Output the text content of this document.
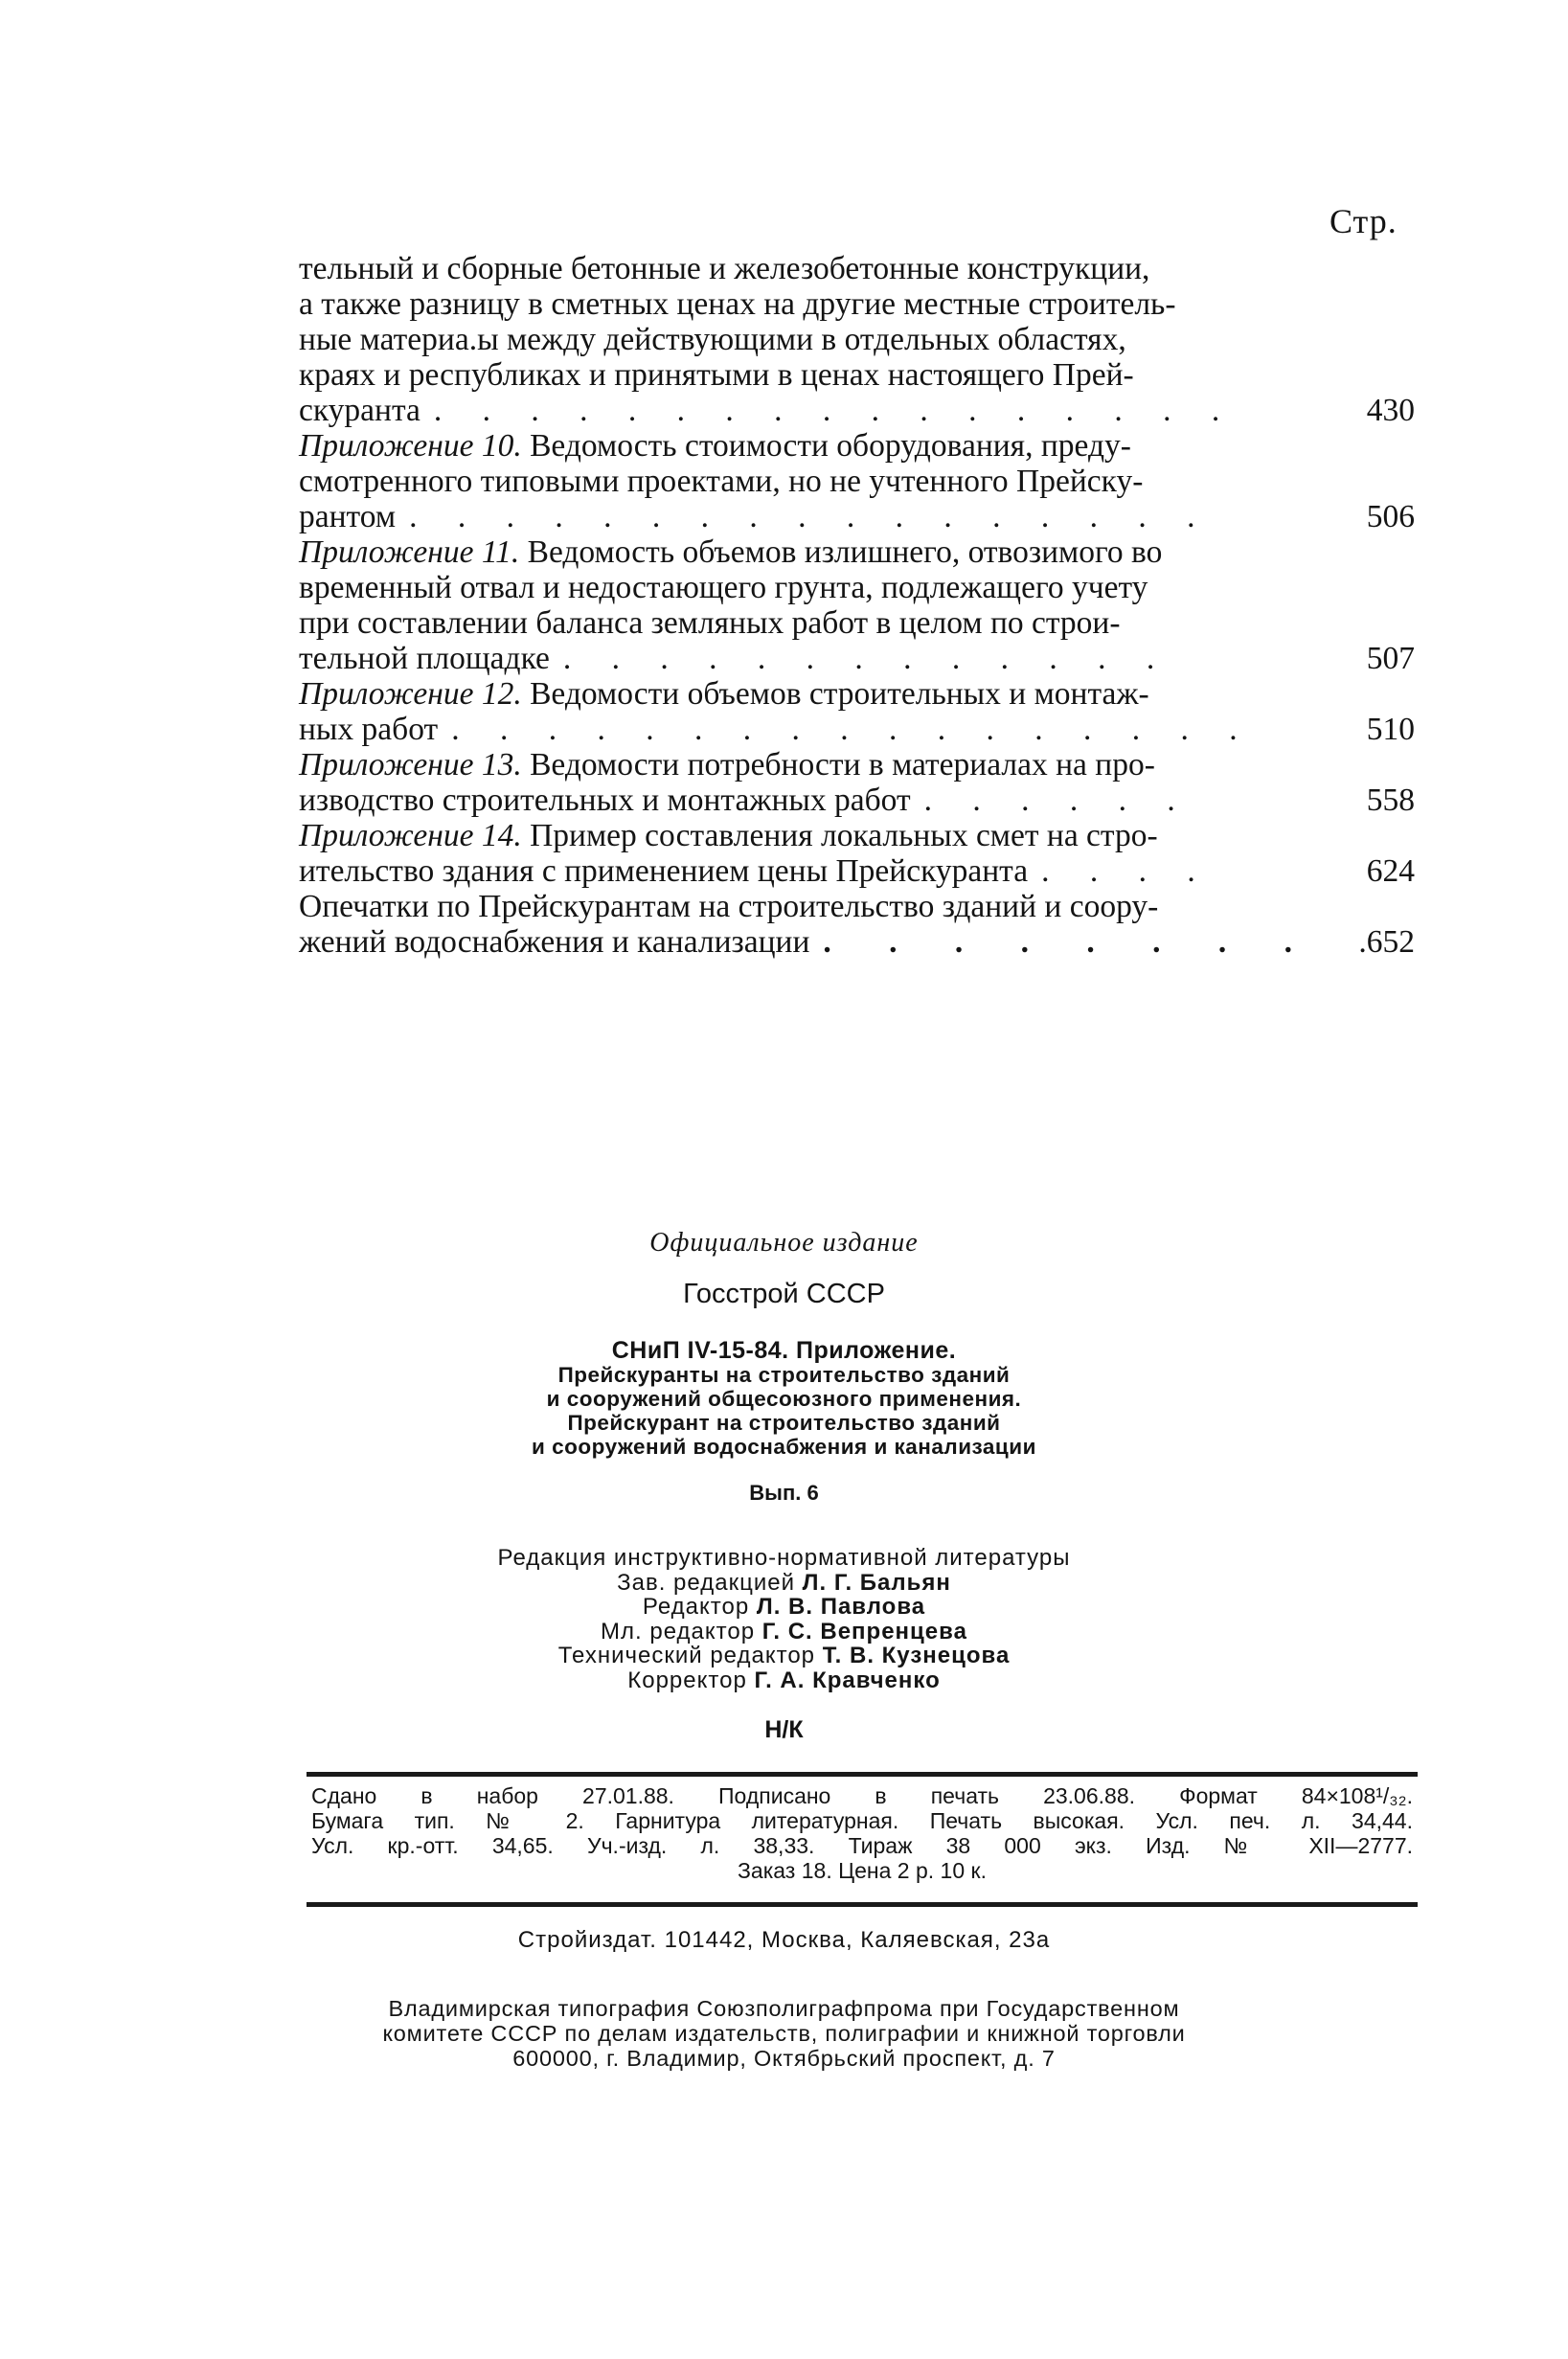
Стр.
тельный и сборные бетонные и железобетонные конструкции,
а также разницу в сметных ценах на другие местные строитель-
ные материа.ы между действующими в отдельных областях,
краях и республиках и принятыми в ценах настоящего Прей-
скуранта . . . . . . . . . . . . . . . . .	430
Приложение 10. Ведомость стоимости оборудования, преду-
смотренного типовыми проектами, но не учтенного Прейску-
рантом . . . . . . . . . . . . . . . . .	506
Приложение 11. Ведомость объемов излишнего, отвозимого во
временный отвал и недостающего грунта, подлежащего учету
при составлении баланса земляных работ в целом по строи-
тельной площадке . . . . . . . . . . . . .	507
Приложение 12. Ведомости объемов строительных и монтаж-
ных работ . . . . . . . . . . . . . . . . .	510
Приложение 13. Ведомости потребности в материалах на про-
изводство строительных и монтажных работ . . . . . .	558
Приложение 14. Пример составления локальных смет на стро-
ительство здания с применением цены Прейскуранта . . . .	624
Опечатки по Прейскурантам на строительство зданий и соору-
жений водоснабжения и канализации . . . . . . . . .652
Официальное издание
Госстрой СССР
СНиП IV-15-84. Приложение.
Прейскуранты на строительство зданий
и сооружений общесоюзного применения.
Прейскурант на строительство зданий
и сооружений водоснабжения и канализации
Вып. 6
Редакция инструктивно-нормативной литературы
Зав. редакцией Л. Г. Бальян
Редактор Л. В. Павлова
Мл. редактор Г. С. Вепренцева
Технический редактор Т. В. Кузнецова
Корректор Г. А. Кравченко
Н/К
Сдано в набор 27.01.88. Подписано в печать 23.06.88. Формат 84×108¹/₃₂.
Бумага тип. № 2. Гарнитура литературная. Печать высокая. Усл. печ. л. 34,44.
Усл. кр.-отт. 34,65. Уч.-изд. л. 38,33. Тираж 38 000 экз. Изд. № XII—2777.
Заказ 18. Цена 2 р. 10 к.
Стройиздат. 101442, Москва, Каляевская, 23а
Владимирская типография Союзполиграфпрома при Государственном
комитете СССР по делам издательств, полиграфии и книжной торговли
600000, г. Владимир, Октябрьский проспект, д. 7
